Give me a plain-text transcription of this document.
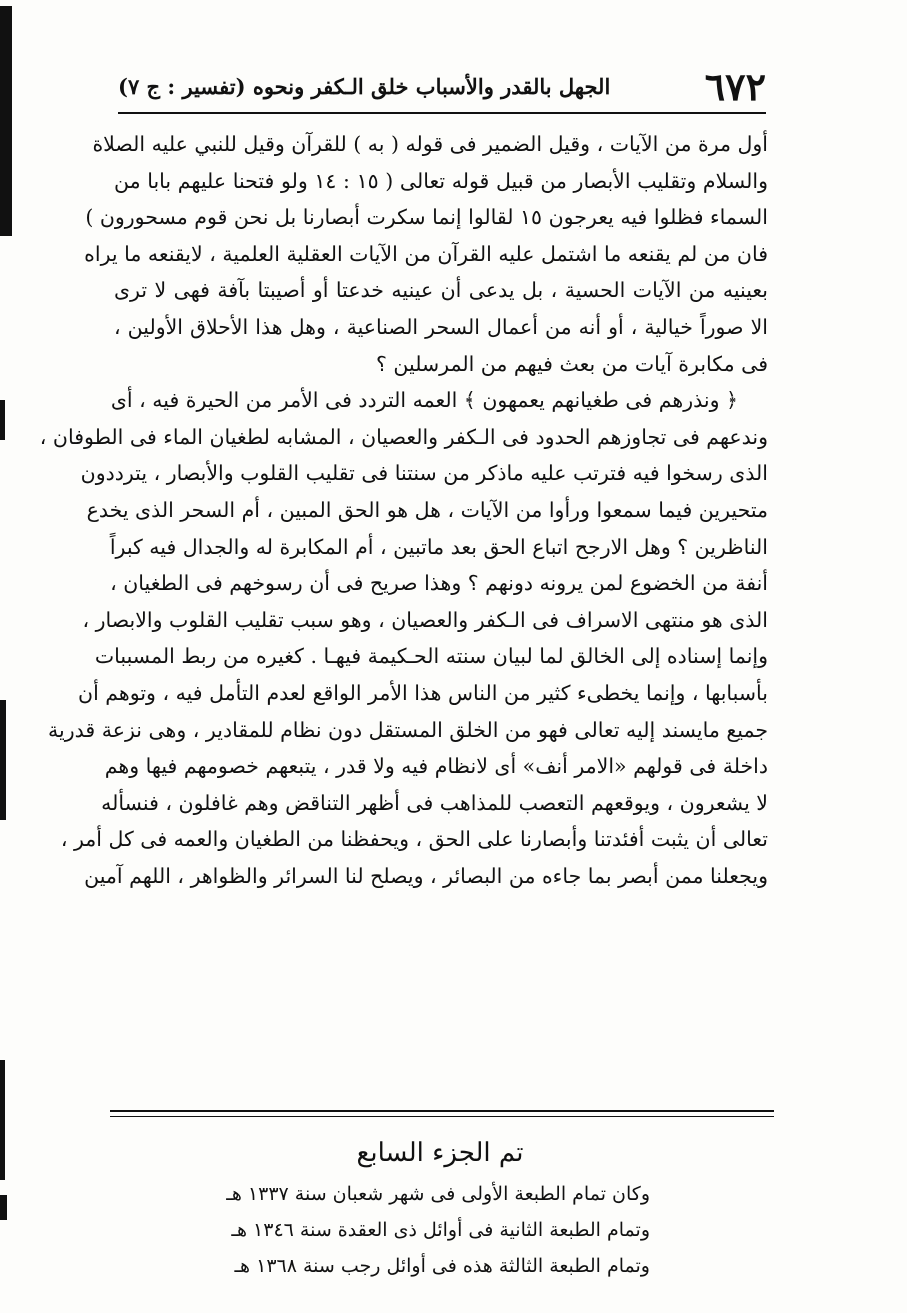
٦٧٢
الجهل بالقدر والأسباب خلق الـكفر ونحوه (تفسير : ج ٧)
أول مرة من الآيات ، وقيل الضمير فى قوله ( به ) للقرآن وقيل للنبي عليه الصلاة
والسلام وتقليب الأبصار من قبيل قوله تعالى ( ١٥ : ١٤ ولو فتحنا عليهم بابا من
السماء فظلوا فيه يعرجون ١٥ لقالوا إنما سكرت أبصارنا بل نحن قوم مسحورون )
فان من لم يقنعه ما اشتمل عليه القرآن من الآيات العقلية العلمية ، لايقنعه ما يراه
بعينيه من الآيات الحسية ، بل يدعى أن عينيه خدعتا أو أصيبتا بآفة فهى لا ترى
الا صوراً خيالية ، أو أنه من أعمال السحر الصناعية ، وهل هذا الأحلاق الأولين ،
فى مكابرة آيات من بعث فيهم من المرسلين ؟
﴿ ونذرهم فى طغيانهم يعمهون ﴾ العمه التردد فى الأمر من الحيرة فيه ، أى
وندعهم فى تجاوزهم الحدود فى الـكفر والعصيان ، المشابه لطغيان الماء فى الطوفان ،
الذى رسخوا فيه فترتب عليه ماذكر من سنتنا فى تقليب القلوب والأبصار ، يترددون
متحيرين فيما سمعوا ورأوا من الآيات ، هل هو الحق المبين ، أم السحر الذى يخدع
الناظرين ؟ وهل الارجح اتباع الحق بعد ماتبين ، أم المكابرة له والجدال فيه كبراً
أنفة من الخضوع لمن يرونه دونهم ؟ وهذا صريح فى أن رسوخهم فى الطغيان ،
الذى هو منتهى الاسراف فى الـكفر والعصيان ، وهو سبب تقليب القلوب والابصار ،
وإنما إسناده إلى الخالق لما لبيان سنته الحـكيمة فيهـا . كغيره من ربط المسببات
بأسبابها ، وإنما يخطىء كثير من الناس هذا الأمر الواقع لعدم التأمل فيه ، وتوهم أن
جميع مايسند إليه تعالى فهو من الخلق المستقل دون نظام للمقادير ، وهى نزعة قدرية
داخلة فى قولهم «الامر أنف» أى لانظام فيه ولا قدر ، يتبعهم خصومهم فيها وهم
لا يشعرون ، ويوقعهم التعصب للمذاهب فى أظهر التناقض وهم غافلون ، فنسأله
تعالى أن يثبت أفئدتنا وأبصارنا على الحق ، ويحفظنا من الطغيان والعمه فى كل أمر ،
ويجعلنا ممن أبصر بما جاءه من البصائر ، ويصلح لنا السرائر والظواهر ، اللهم آمين
تم الجزء السابع
وكان تمام الطبعة الأولى فى شهر شعبان سنة ١٣٣٧ هـ
وتمام الطبعة الثانية فى أوائل ذى العقدة سنة ١٣٤٦ هـ
وتمام الطبعة الثالثة هذه فى أوائل رجب سنة ١٣٦٨ هـ
